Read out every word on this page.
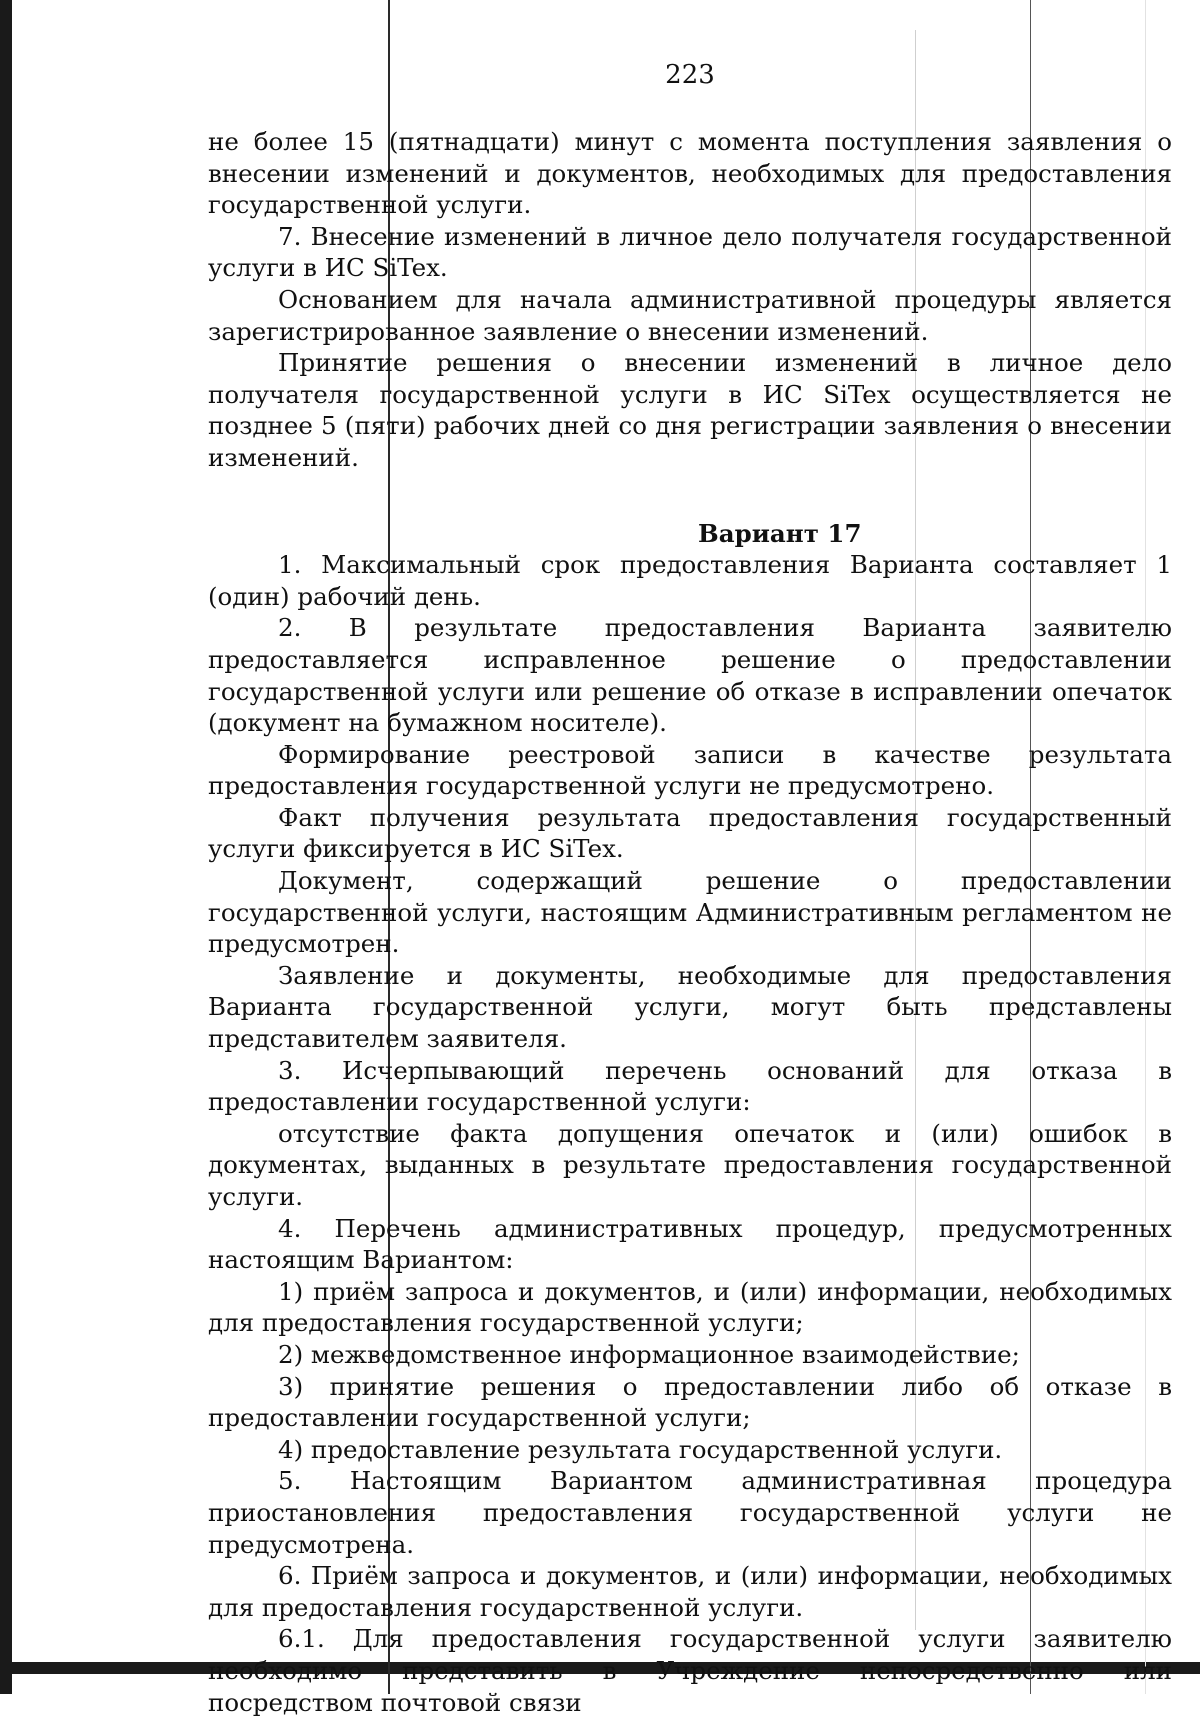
223

не более 15 (пятнадцати) минут с момента поступления заявления о внесении изменений и документов, необходимых для предоставления государственной услуги.

7. Внесение изменений в личное дело получателя государственной услуги в ИС SiTex.

Основанием для начала административной процедуры является зарегистрированное заявление о внесении изменений.

Принятие решения о внесении изменений в личное дело получателя государственной услуги в ИС SiTex осуществляется не позднее 5 (пяти) рабочих дней со дня регистрации заявления о внесении изменений.

Вариант 17

1. Максимальный срок предоставления Варианта составляет 1 (один) рабочий день.

2. В результате предоставления Варианта заявителю предоставляется исправленное решение о предоставлении государственной услуги или решение об отказе в исправлении опечаток (документ на бумажном носителе).

Формирование реестровой записи в качестве результата предоставления государственной услуги не предусмотрено.

Факт получения результата предоставления государственный услуги фиксируется в ИС SiTex.

Документ, содержащий решение о предоставлении государственной услуги, настоящим Административным регламентом не предусмотрен.

Заявление и документы, необходимые для предоставления Варианта государственной услуги, могут быть представлены представителем заявителя.

3. Исчерпывающий перечень оснований для отказа в предоставлении государственной услуги:

отсутствие факта допущения опечаток и (или) ошибок в документах, выданных в результате предоставления государственной услуги.

4. Перечень административных процедур, предусмотренных настоящим Вариантом:

1) приём запроса и документов, и (или) информации, необходимых для предоставления государственной услуги;

2) межведомственное информационное взаимодействие;

3) принятие решения о предоставлении либо об отказе в предоставлении государственной услуги;

4) предоставление результата государственной услуги.

5. Настоящим Вариантом административная процедура приостановления предоставления государственной услуги не предусмотрена.

6. Приём запроса и документов, и (или) информации, необходимых для предоставления государственной услуги.

6.1. Для предоставления государственной услуги заявителю необходимо представить в Учреждение непосредственно или посредством почтовой связи
